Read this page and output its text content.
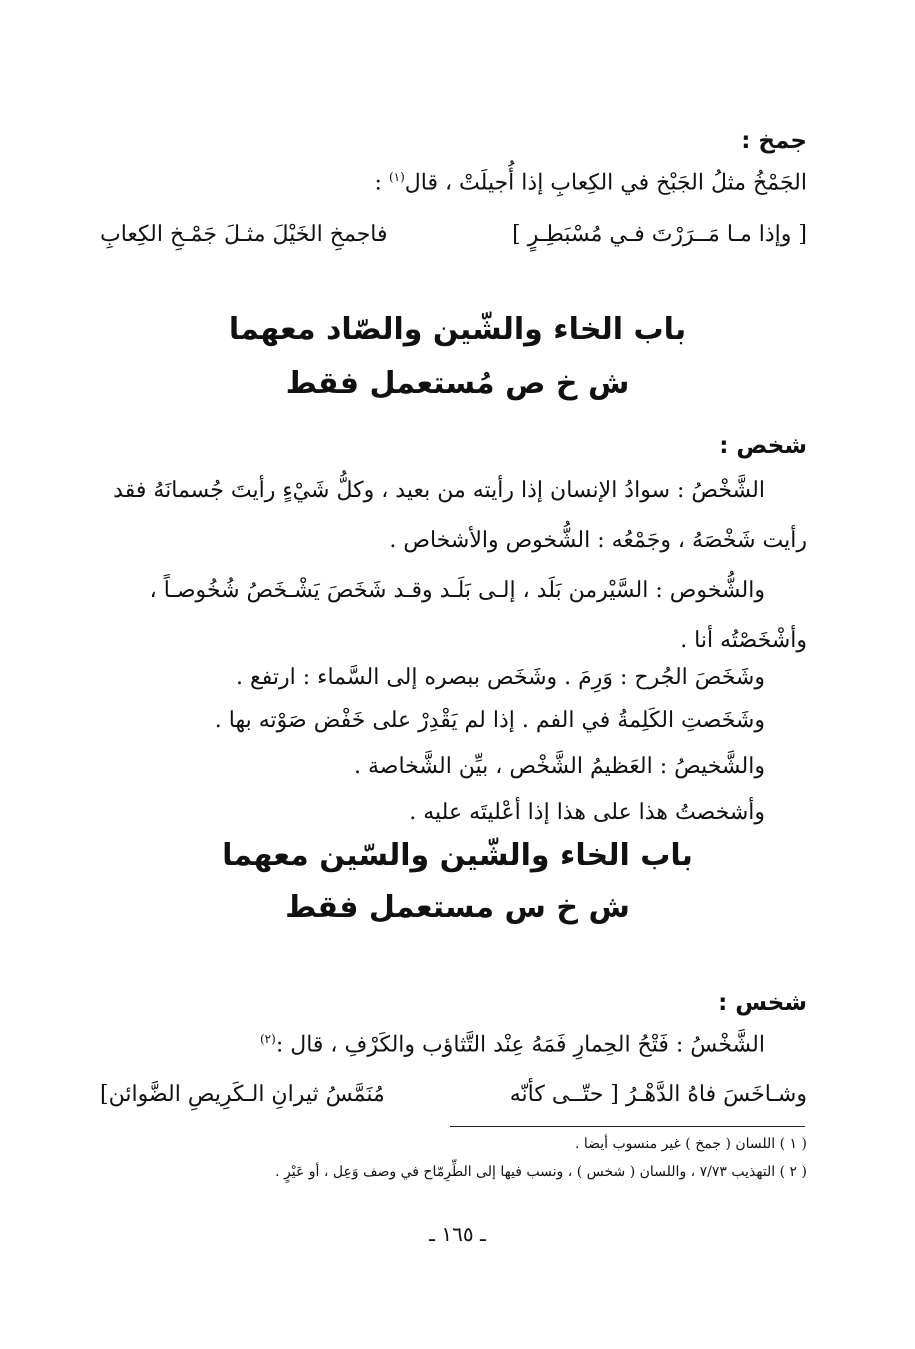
جمخ :
الجَمْخُ مثلُ الجَبْخ في الكِعابِ إذا أُجيلَتْ ، قال$^{(١)}$ :
[ وإذا مـا مَــرَرْتَ فـي مُسْبَطِـرٍ ]
فاجمخِ الخَيْلَ مثـلَ جَمْـخِ الكِعابِ
باب الخاء والشّين والصّاد معهما
ش خ ص مُستعمل فقط
شخص :
الشَّخْصُ : سوادُ الإنسان إذا رأيته من بعيد ، وكلُّ شَيْءٍ رأيتَ جُسمانَهُ فقد
رأيت شَخْصَهُ ، وجَمْعُه : الشُّخوص والأشخاص .
والشُّخوص : السَّيْرمن بَلَد ، إلـى بَلَـد وقـد شَخَصَ يَشْـخَصُ شُخُوصـاً ،
وأشْخَصْتُه أنا .
وشَخَصَ الجُرح : وَرِمَ . وشَخَص ببصره إلى السَّماء : ارتفع .
وشَخَصتِ الكَلِمةُ في الفم . إذا لم يَقْدِرْ على خَفْض صَوْته بها .
والشَّخيصُ : العَظيمُ الشَّخْص ، بيِّن الشَّخاصة .
وأشخصتُ هذا على هذا إذا أعْليتَه عليه .
باب الخاء والشّين والسّين معهما
ش خ س مستعمل فقط
شخس :
الشَّخْسُ : فَتْحُ الحِمارِ فَمَهُ عِنْد التَّثاؤب والكَرْفِ ، قال :$^{(٢)}$
وشـاخَسَ فاهُ الدَّهْـرُ [ حتّــى كأنّه
مُنَمَّسُ ثيرانِ الـكَرِيصِ الضَّوائن]
( ١ ) اللسان ( جمخ ) غير منسوب أيضا .
( ٢ ) التهذيب ٧/٧٣ ، واللسان ( شخس ) ، ونسب فيها إلى الطِّرِمّاح في وصف وَعِل ، أو عَيْرٍ .
ـ ١٦٥ ـ
